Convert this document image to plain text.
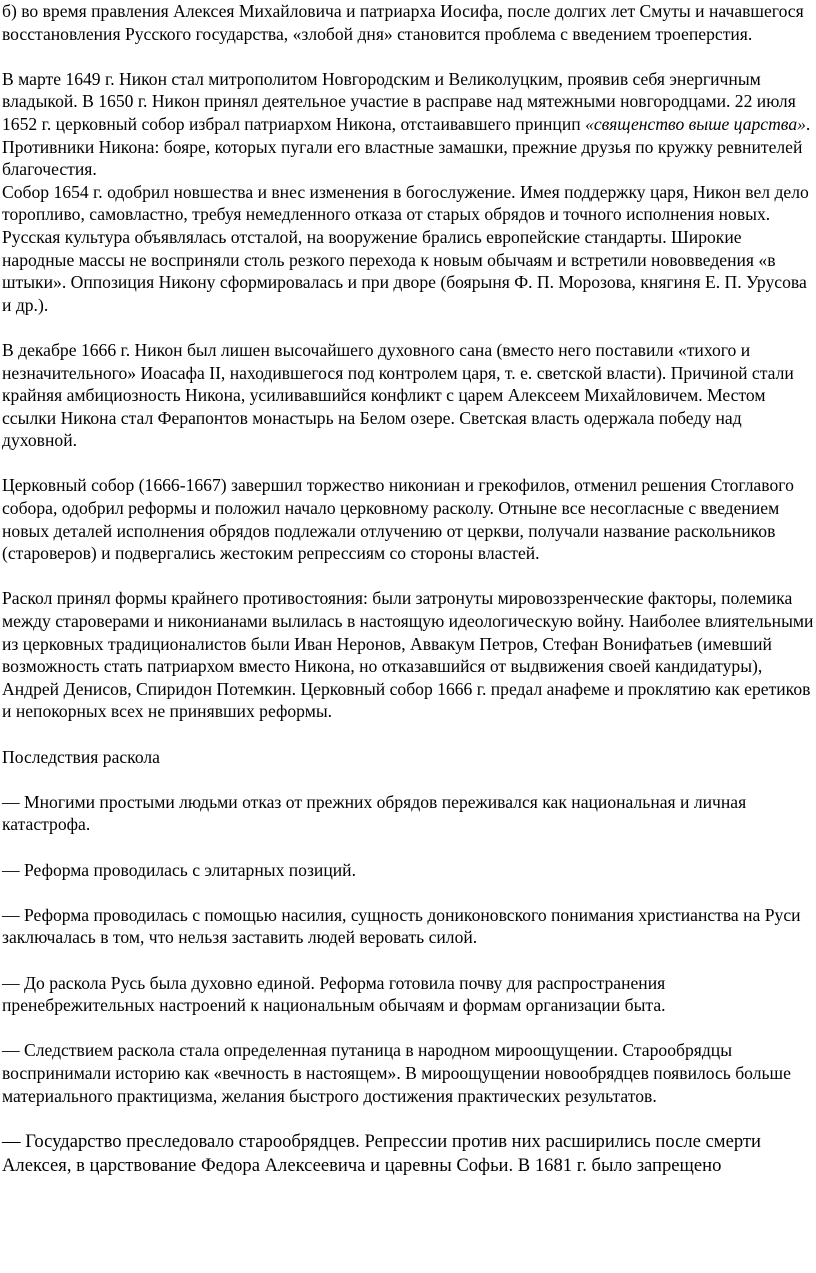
б) во время правления Алексея Михайловича и патриарха Иосифа, после долгих лет Смуты и начавшегося восстановления Русского государства, «злобой дня» становится проблема с введением троеперстия.

В марте 1649 г. Никон стал митрополитом Новгородским и Великолуцким, проявив себя энергичным владыкой. В 1650 г. Никон принял деятельное участие в расправе над мятежными новгородцами. 22 июля 1652 г. церковный собор избрал патриархом Никона, отстаивавшего принцип «священство выше царства». Противники Никона: бояре, которых пугали его властные замашки, прежние друзья по кружку ревнителей благочестия.

Собор 1654 г. одобрил новшества и внес изменения в богослужение. Имея поддержку царя, Никон вел дело торопливо, самовластно, требуя немедленного отказа от старых обрядов и точного исполнения новых. Русская культура объявлялась отсталой, на вооружение брались европейские стандарты. Широкие народные массы не восприняли столь резкого перехода к новым обычаям и встретили нововведения «в штыки». Оппозиция Никону сформировалась и при дворе (боярыня Ф. П. Морозова, княгиня Е. П. Урусова и др.).

В декабре 1666 г. Никон был лишен высочайшего духовного сана (вместо него поставили «тихого и незначительного» Иоасафа II, находившегося под контролем царя, т. е. светской власти). Причиной стали крайняя амбициозность Никона, усиливавшийся конфликт с царем Алексеем Михайловичем. Местом ссылки Никона стал Ферапонтов монастырь на Белом озере. Светская власть одержала победу над духовной.

Церковный собор (1666-1667) завершил торжество никониан и грекофилов, отменил решения Стоглавого собора, одобрил реформы и положил начало церковному расколу. Отныне все несогласные с введением новых деталей исполнения обрядов подлежали отлучению от церкви, получали название раскольников (староверов) и подвергались жестоким репрессиям со стороны властей.

Раскол принял формы крайнего противостояния: были затронуты мировоззренческие факторы, полемика между староверами и никонианами вылилась в настоящую идеологическую войну. Наиболее влиятельными из церковных традиционалистов были Иван Неронов, Аввакум Петров, Стефан Вонифатьев (имевший возможность стать патриархом вместо Никона, но отказавшийся от выдвижения своей кандидатуры), Андрей Денисов, Спиридон Потемкин. Церковный собор 1666 г. предал анафеме и проклятию как еретиков и непокорных всех не принявших реформы.

Последствия раскола

— Многими простыми людьми отказ от прежних обрядов переживался как национальная и личная катастрофа.

— Реформа проводилась с элитарных позиций.

— Реформа проводилась с помощью насилия, сущность дониконовского понимания христианства на Руси заключалась в том, что нельзя заставить людей веровать силой.

— До раскола Русь была духовно единой. Реформа готовила почву для распространения пренебрежительных настроений к национальным обычаям и формам организации быта.

— Следствием раскола стала определенная путаница в народном мироощущении. Старообрядцы воспринимали историю как «вечность в настоящем». В мироощущении новообрядцев появилось больше материального практицизма, желания быстрого достижения практических результатов.

— Государство преследовало старообрядцев. Репрессии против них расширились после смерти Алексея, в царствование Федора Алексеевича и царевны Софьи. В 1681 г. было запрещено
